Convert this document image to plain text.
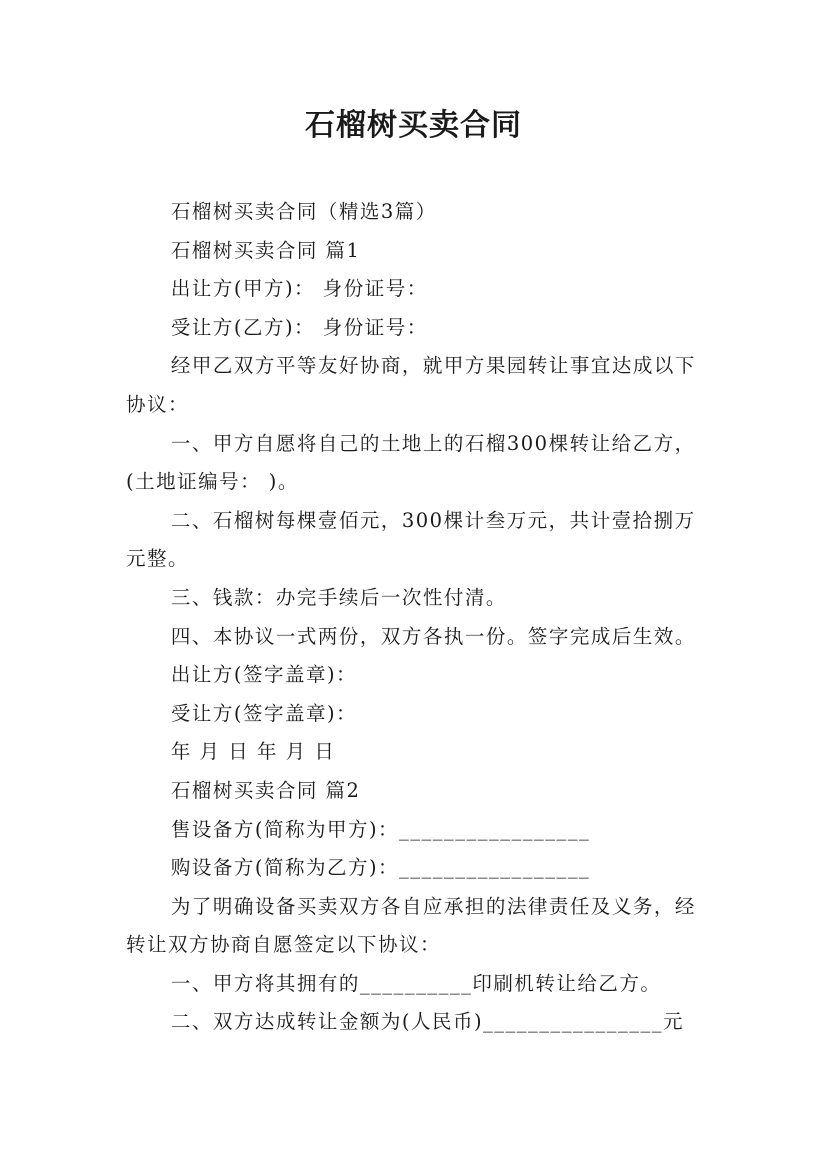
石榴树买卖合同

石榴树买卖合同（精选3篇）

石榴树买卖合同 篇1

出让方(甲方)： 身份证号：

受让方(乙方)： 身份证号：

经甲乙双方平等友好协商，就甲方果园转让事宜达成以下协议：

一、甲方自愿将自己的土地上的石榴300棵转让给乙方，(土地证编号： )。

二、石榴树每棵壹佰元，300棵计叁万元，共计壹拾捌万元整。

三、钱款：办完手续后一次性付清。

四、本协议一式两份，双方各执一份。签字完成后生效。

出让方(签字盖章)：

受让方(签字盖章)：

年 月 日 年 月 日

石榴树买卖合同 篇2

售设备方(简称为甲方)：_________________

购设备方(简称为乙方)：_________________

为了明确设备买卖双方各自应承担的法律责任及义务，经转让双方协商自愿签定以下协议：

一、甲方将其拥有的__________印刷机转让给乙方。

二、双方达成转让金额为(人民币)________________元
